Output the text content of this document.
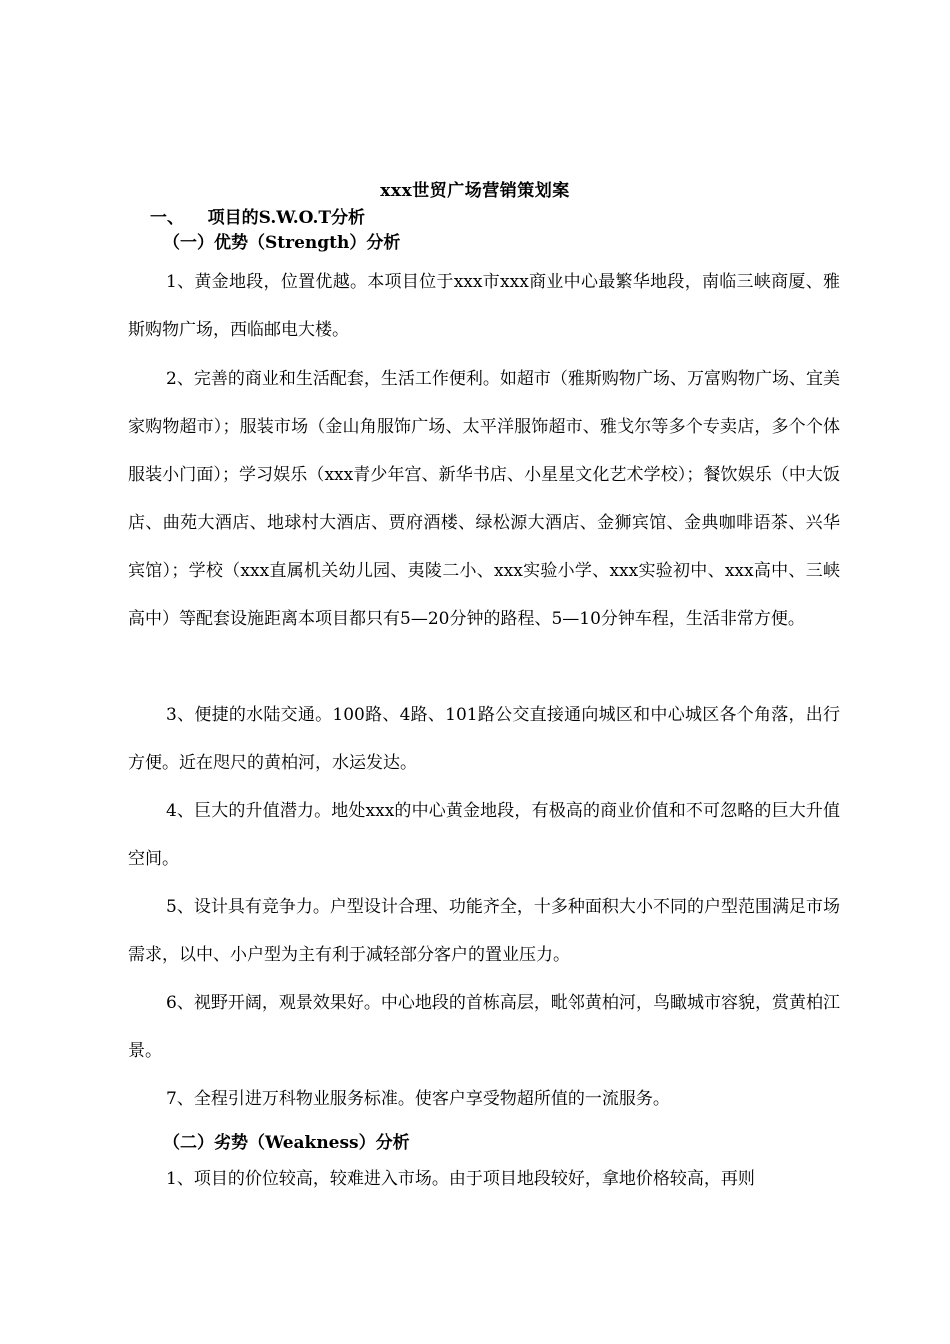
xxx世贸广场营销策划案
一、    项目的S.W.O.T分析
（一）优势（Strength）分析

1、黄金地段，位置优越。本项目位于xxx市xxx商业中心最繁华地段，南临三峡商厦、雅斯购物广场，西临邮电大楼。

2、完善的商业和生活配套，生活工作便利。如超市（雅斯购物广场、万富购物广场、宜美家购物超市）；服装市场（金山角服饰广场、太平洋服饰超市、雅戈尔等多个专卖店，多个个体服装小门面）；学习娱乐（xxx青少年宫、新华书店、小星星文化艺术学校）；餐饮娱乐（中大饭店、曲苑大酒店、地球村大酒店、贾府酒楼、绿松源大酒店、金狮宾馆、金典咖啡语茶、兴华宾馆）；学校（xxx直属机关幼儿园、夷陵二小、xxx实验小学、xxx实验初中、xxx高中、三峡高中）等配套设施距离本项目都只有5—20分钟的路程、5—10分钟车程，生活非常方便。

3、便捷的水陆交通。100路、4路、101路公交直接通向城区和中心城区各个角落，出行方便。近在咫尺的黄柏河，水运发达。

4、巨大的升值潜力。地处xxx的中心黄金地段，有极高的商业价值和不可忽略的巨大升值空间。

5、设计具有竞争力。户型设计合理、功能齐全，十多种面积大小不同的户型范围满足市场需求，以中、小户型为主有利于减轻部分客户的置业压力。

6、视野开阔，观景效果好。中心地段的首栋高层，毗邻黄柏河，鸟瞰城市容貌，赏黄柏江景。

7、全程引进万科物业服务标准。使客户享受物超所值的一流服务。

（二）劣势（Weakness）分析

1、项目的价位较高，较难进入市场。由于项目地段较好，拿地价格较高，再则
